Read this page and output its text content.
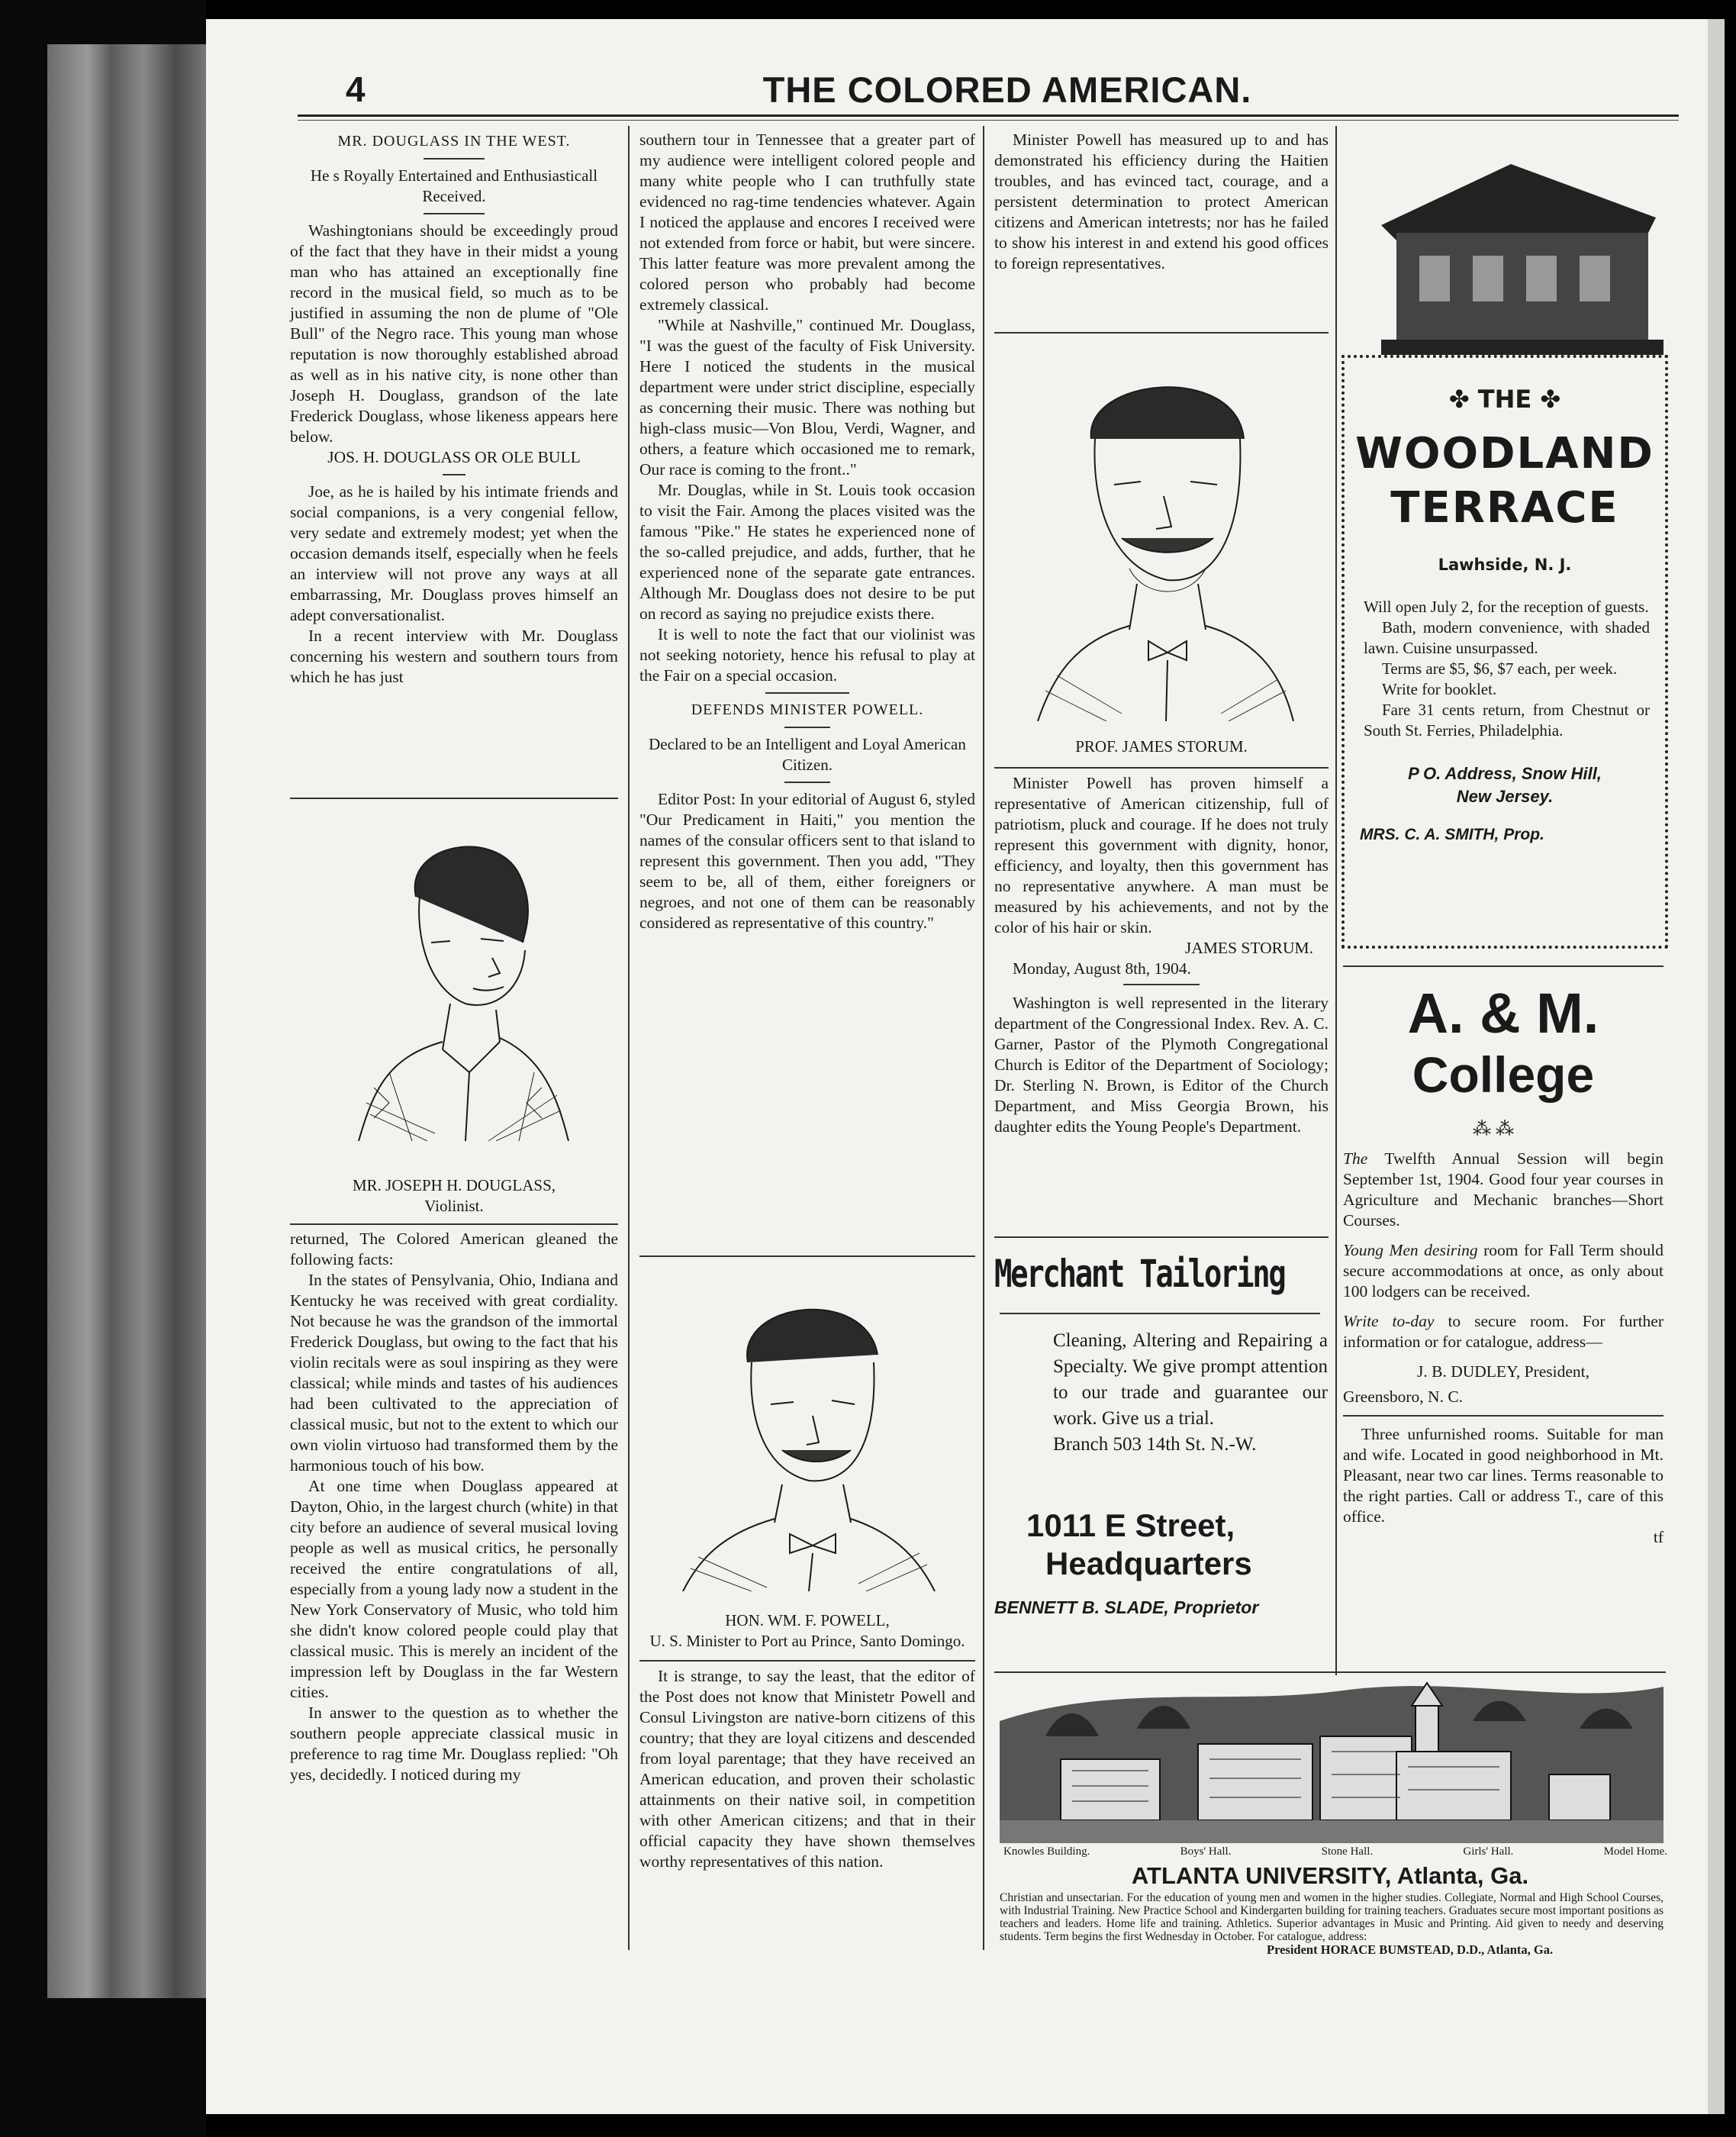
4	THE COLORED AMERICAN.
MR. DOUGLASS IN THE WEST.
He s Royally Entertained and Enthusiasticall Received.

Washingtonians should be exceedingly proud of the fact that they have in their midst a young man who has attained an exceptionally fine record in the musical field, so much as to be justified in assuming the non de plume of "Ole Bull" of the Negro race. This young man whose reputation is now thoroughly established abroad as well as in his native city, is none other than Joseph H. Douglass, grandson of the late Frederick Douglass, whose likeness appears here below.

JOS. H. DOUGLASS OR OLE BULL

Joe, as he is hailed by his intimate friends and social companions, is a very congenial fellow, very sedate and extremely modest; yet when the occasion demands itself, especially when he feels an interview will not prove any ways at all embarrassing, Mr. Douglass proves himself an adept conversationalist.

In a recent interview with Mr. Douglass concerning his western and southern tours from which he has just

MR. JOSEPH H. DOUGLASS,
Violinist.

returned, The Colored American gleaned the following facts:

In the states of Pensylvania, Ohio, Indiana and Kentucky he was received with great cordiality. Not because he was the grandson of the immortal Frederick Douglass, but owing to the fact that his violin recitals were as soul inspiring as they were classical; while minds and tastes of his audiences had been cultivated to the appreciation of classical music, but not to the extent to which our own violin virtuoso had transformed them by the harmonious touch of his bow.

At one time when Douglass appeared at Dayton, Ohio, in the largest church (white) in that city before an audience of several musical loving people as well as musical critics, he personally received the entire congratulations of all, especially from a young lady now a student in the New York Conservatory of Music, who told him she didn't know colored people could play that classical music. This is merely an incident of the impression left by Douglass in the far Western cities.

In answer to the question as to whether the southern people appreciate classical music in preference to rag time Mr. Douglass replied: "Oh yes, decidedly. I noticed during my

southern tour in Tennessee that a greater part of my audience were intelligent colored people and many white people who I can truthfully state evidenced no rag-time tendencies whatever. Again I noticed the applause and encores I received were not extended from force or habit, but were sincere. This latter feature was more prevalent among the colored person who probably had become extremely classical.

"While at Nashville," continued Mr. Douglass, "I was the guest of the faculty of Fisk University. Here I noticed the students in the musical department were under strict discipline, especially as concerning their music. There was nothing but high-class music—Von Blou, Verdi, Wagner, and others, a feature which occasioned me to remark, Our race is coming to the front.."

Mr. Douglas, while in St. Louis took occasion to visit the Fair. Among the places visited was the famous "Pike." He states he experienced none of the so-called prejudice, and adds, further, that he experienced none of the separate gate entrances. Although Mr. Douglass does not desire to be put on record as saying no prejudice exists there.

It is well to note the fact that our violinist was not seeking notoriety, hence his refusal to play at the Fair on a special occasion.

DEFENDS MINISTER POWELL.
Declared to be an Intelligent and Loyal American Citizen.

Editor Post: In your editorial of August 6, styled "Our Predicament in Haiti," you mention the names of the consular officers sent to that island to represent this government. Then you add, "They seem to be, all of them, either foreigners or negroes, and not one of them can be reasonably considered as representative of this country."

HON. WM. F. POWELL,
U. S. Minister to Port au Prince, Santo Domingo.

It is strange, to say the least, that the editor of the Post does not know that Ministetr Powell and Consul Livingston are native-born citizens of this country; that they are loyal citizens and descended from loyal parentage; that they have received an American education, and proven their scholastic attainments on their native soil, in competition with other American citizens; and that in their official capacity they have shown themselves worthy representatives of this nation.

Minister Powell has measured up to and has demonstrated his efficiency during the Haitien troubles, and has evinced tact, courage, and a persistent determination to protect American citizens and American intetrests; nor has he failed to show his interest in and extend his good offices to foreign representatives.

PROF. JAMES STORUM.

Minister Powell has proven himself a representative of American citizenship, full of patriotism, pluck and courage. If he does not truly represent this government with dignity, honor, efficiency, and loyalty, then this government has no representative anywhere. A man must be measured by his achievements, and not by the color of his hair or skin.

JAMES STORUM.
Monday, August 8th, 1904.

Washington is well represented in the literary department of the Congressional Index. Rev. A. C. Garner, Pastor of the Plymoth Congregational Church is Editor of the Department of Sociology; Dr. Sterling N. Brown, is Editor of the Church Department, and Miss Georgia Brown, his daughter edits the Young People's Department.

Merchant Tailoring

Cleaning, Altering and Repairing a Specialty. We give prompt attention to our trade and guarantee our work. Give us a trial.

Branch 503 14th St. N.-W.
1011 E Street,
Headquarters
BENNETT B. SLADE, Proprietor
✤ THE ✤
WOODLAND
TERRACE
Lawhside, N. J.

Will open July 2, for the reception of guests.

Bath, modern convenience, with shaded lawn. Cuisine unsurpassed.

Terms are $5, $6, $7 each, per week.

Write for booklet.

Fare 31 cents return, from Chestnut or South St. Ferries, Philadelphia.

P O. Address, Snow Hill,
New Jersey.
MRS. C. A. SMITH, Prop.
A. & M.
College
⁂ ⁂

The Twelfth Annual Session will begin September 1st, 1904. Good four year courses in Agriculture and Mechanic branches—Short Courses.

Young Men desiring room for Fall Term should secure accommodations at once, as only about 100 lodgers can be received.

Write to-day to secure room. For further information or for catalogue, address—

J. B. DUDLEY, President,
Greensboro, N. C.

Three unfurnished rooms. Suitable for man and wife. Located in good neighborhood in Mt. Pleasant, near two car lines. Terms reasonable to the right parties. Call or address T., care of this office.

tf
Knowles Building.	Boys' Hall.	Stone Hall.	Girls' Hall.	Model Home.
ATLANTA UNIVERSITY, Atlanta, Ga.
Christian and unsectarian. For the education of young men and women in the higher studies. Collegiate, Normal and High School Courses, with Industrial Training. New Practice School and Kindergarten building for training teachers. Graduates secure most important positions as teachers and leaders. Home life and training. Athletics. Superior advantages in Music and Printing. Aid given to needy and deserving students. Term begins the first Wednesday in October. For catalogue, address:
President HORACE BUMSTEAD, D.D., Atlanta, Ga.
